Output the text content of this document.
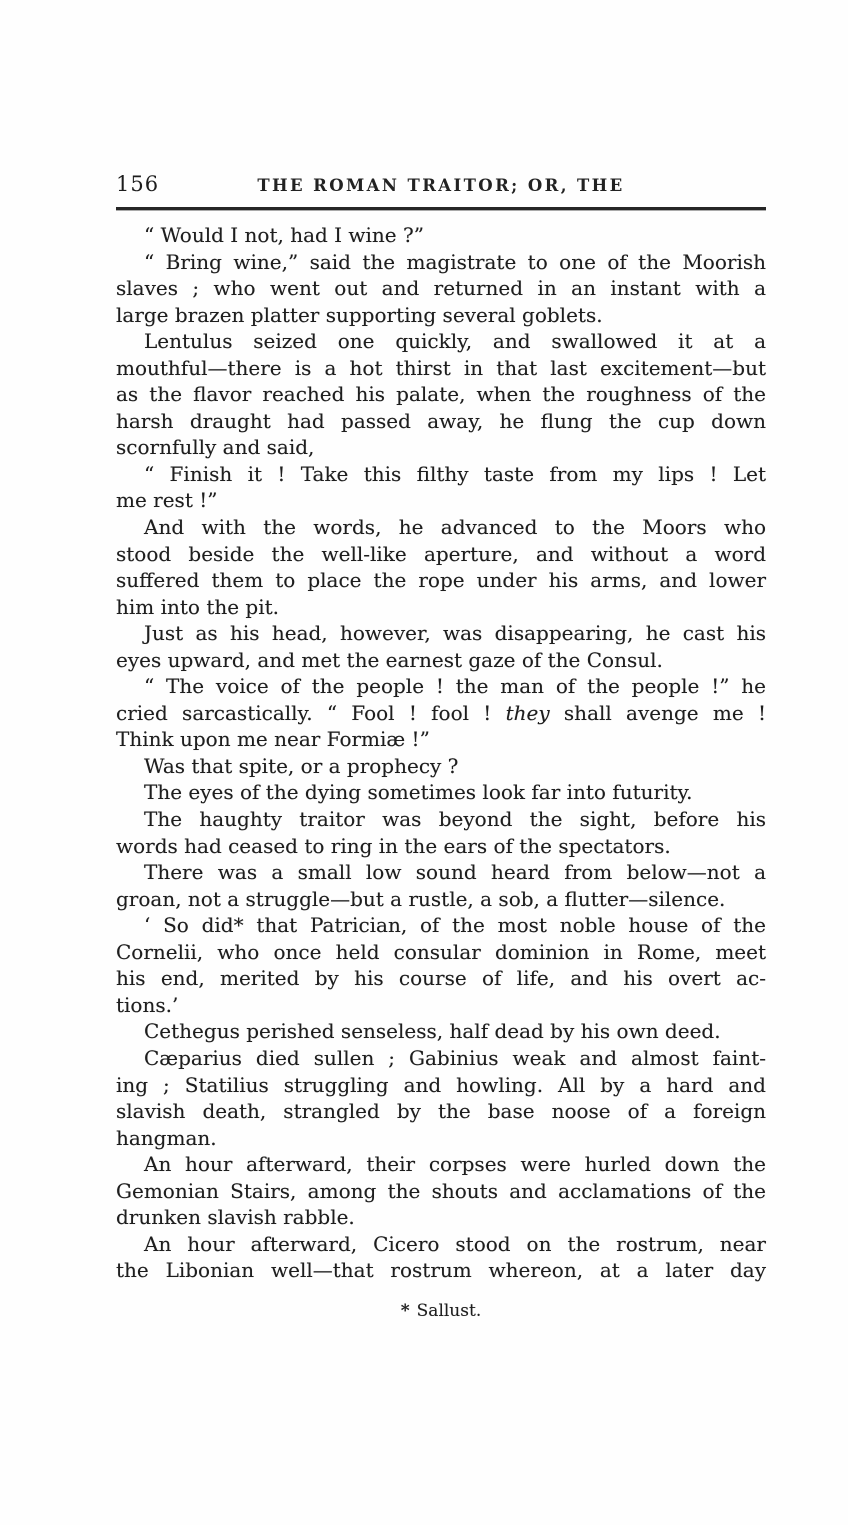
156	THE ROMAN TRAITOR; OR, THE

“ Would I not, had I wine ?”

“ Bring wine,” said the magistrate to one of the Moorish
slaves ; who went out and returned in an instant with a
large brazen platter supporting several goblets.

Lentulus seized one quickly, and swallowed it at a
mouthful—there is a hot thirst in that last excitement—but
as the flavor reached his palate, when the roughness of the
harsh draught had passed away, he flung the cup down
scornfully and said,

“ Finish it ! Take this filthy taste from my lips ! Let
me rest !”

And with the words, he advanced to the Moors who
stood beside the well-like aperture, and without a word
suffered them to place the rope under his arms, and lower
him into the pit.

Just as his head, however, was disappearing, he cast his
eyes upward, and met the earnest gaze of the Consul.

“ The voice of the people ! the man of the people !” he
cried sarcastically. “ Fool ! fool ! they shall avenge me !
Think upon me near Formiæ !”

Was that spite, or a prophecy ?

The eyes of the dying sometimes look far into futurity.

The haughty traitor was beyond the sight, before his
words had ceased to ring in the ears of the spectators.

There was a small low sound heard from below—not a
groan, not a struggle—but a rustle, a sob, a flutter—silence.

‘ So did* that Patrician, of the most noble house of the
Cornelii, who once held consular dominion in Rome, meet
his end, merited by his course of life, and his overt ac-
tions.’

Cethegus perished senseless, half dead by his own deed.

Cæparius died sullen ; Gabinius weak and almost faint-
ing ; Statilius struggling and howling. All by a hard and
slavish death, strangled by the base noose of a foreign
hangman.

An hour afterward, their corpses were hurled down the
Gemonian Stairs, among the shouts and acclamations of the
drunken slavish rabble.

An hour afterward, Cicero stood on the rostrum, near
the Libonian well—that rostrum whereon, at a later day

* Sallust.
